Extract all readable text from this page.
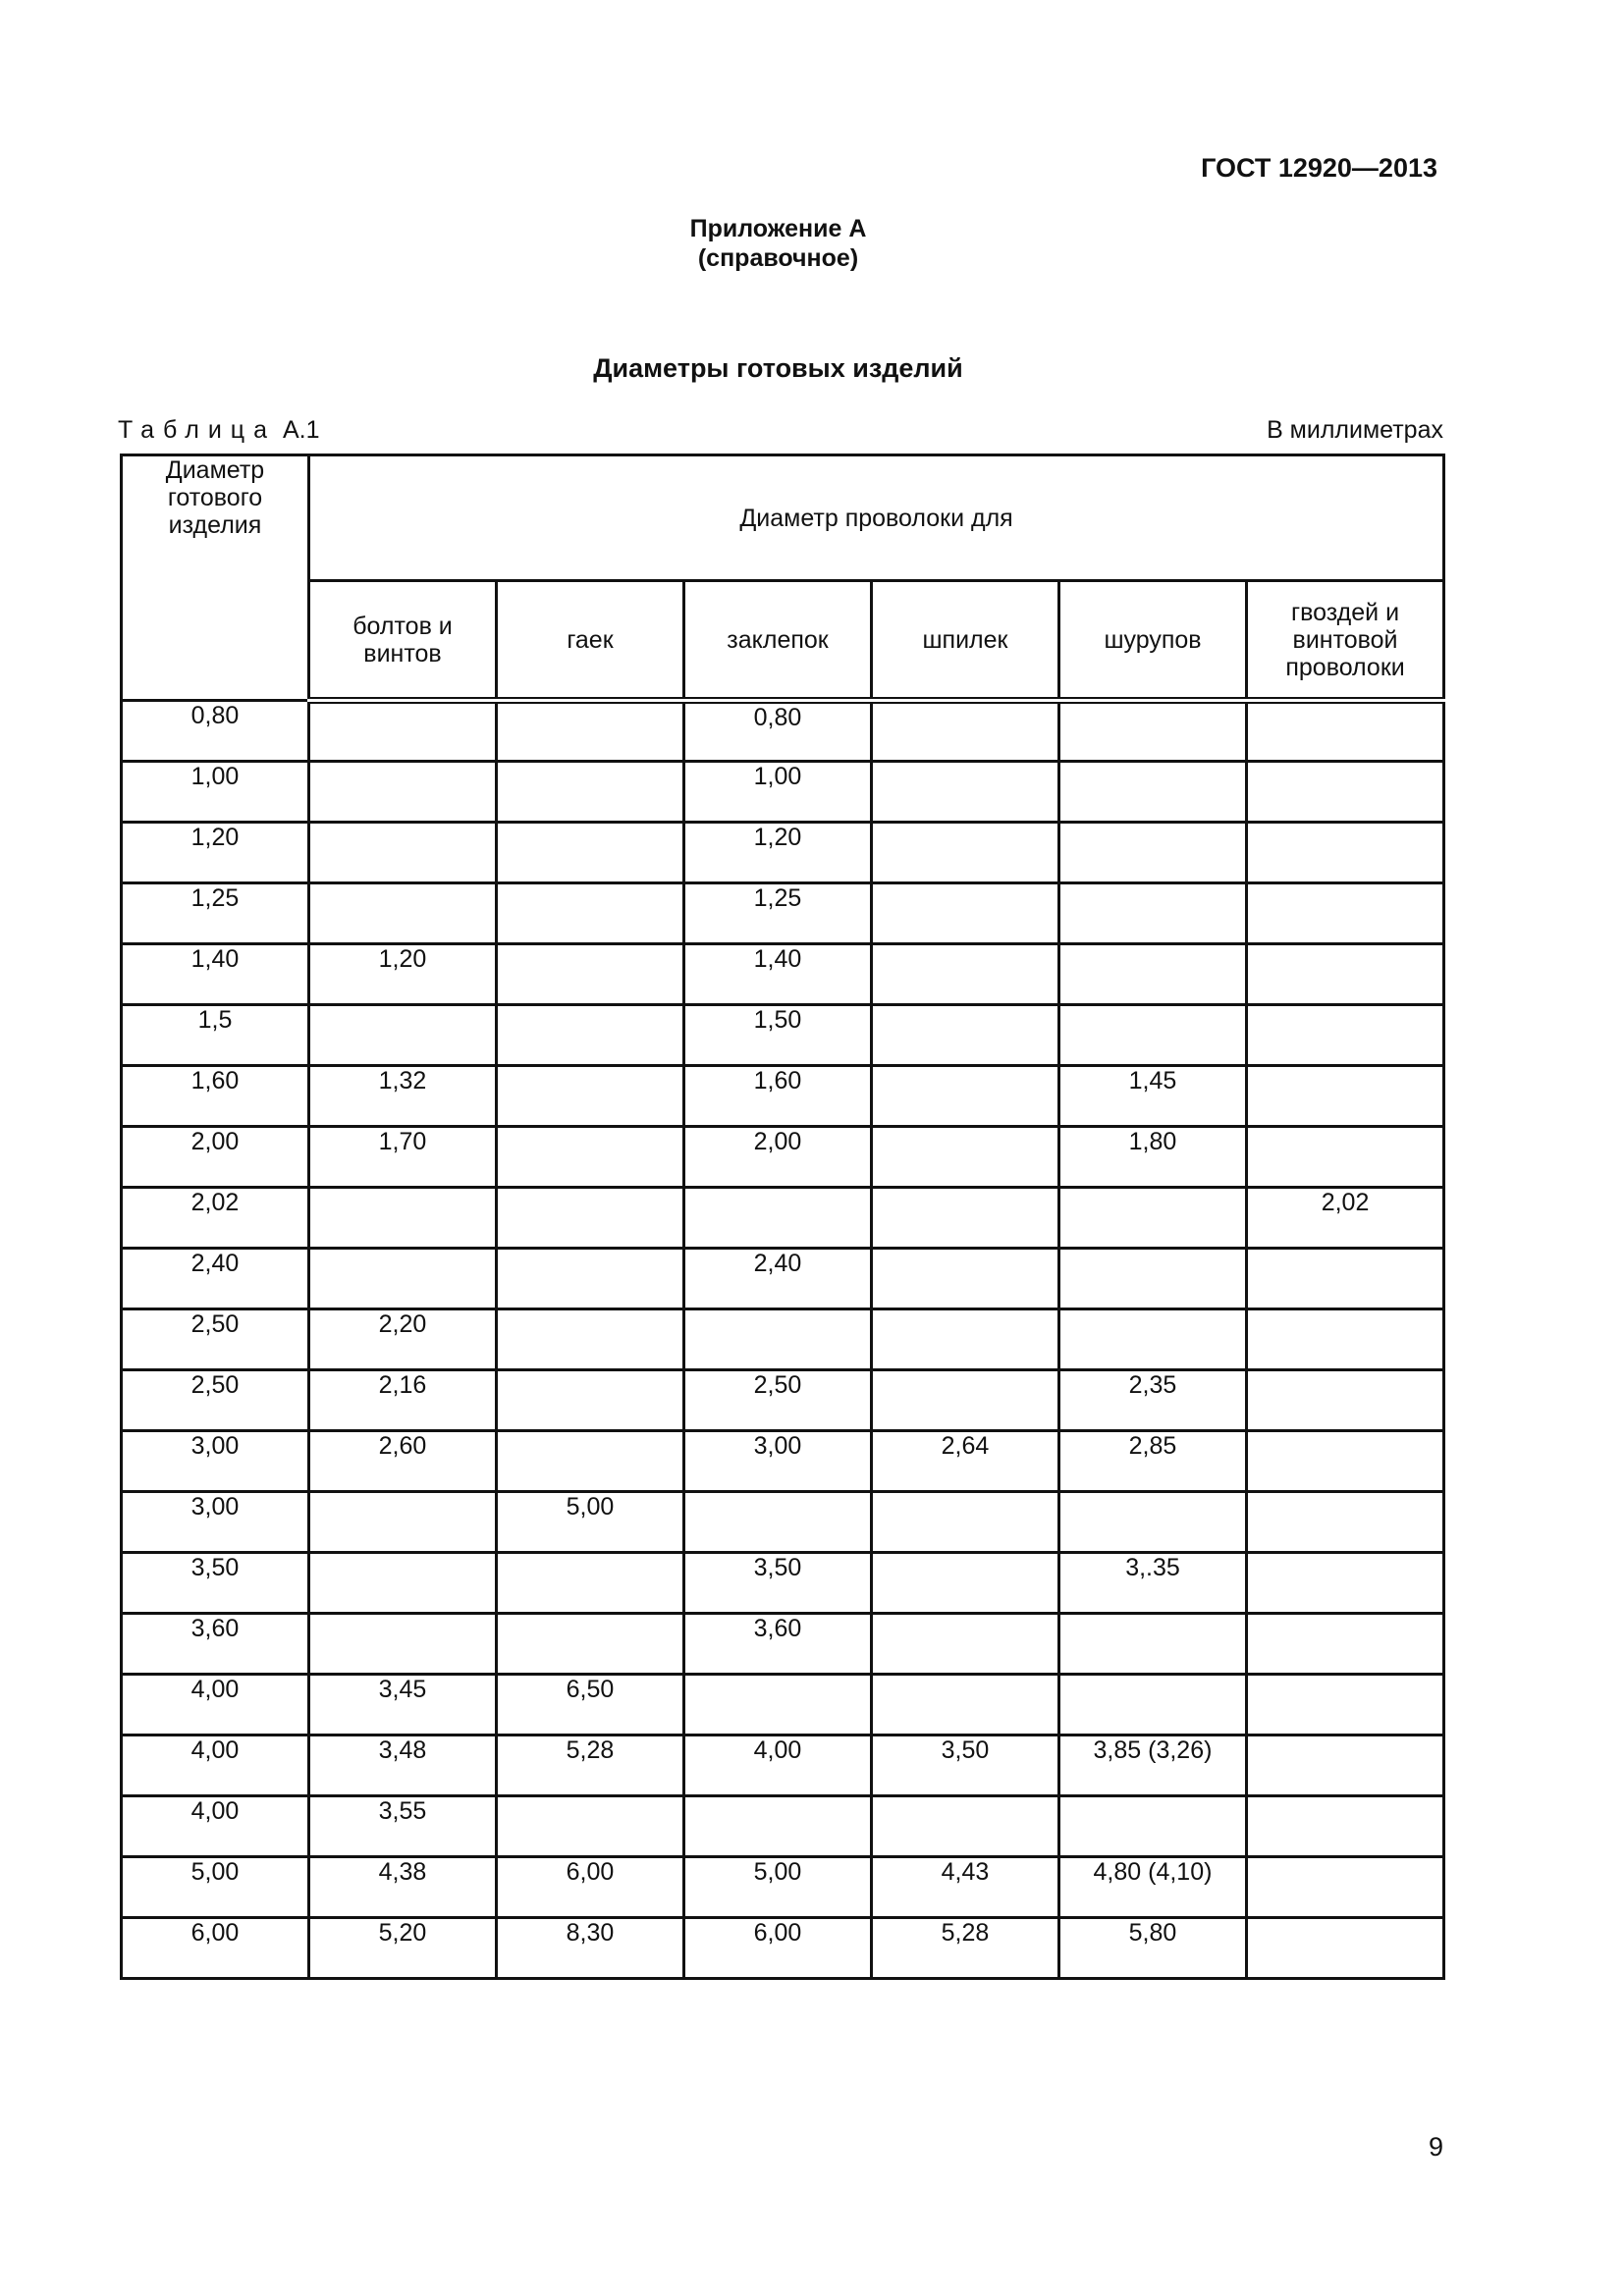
ГОСТ 12920—2013
Приложение А
(справочное)
Диаметры готовых изделий
Таблица А.1	В миллиметрах
Диаметр готового изделия	Диаметр проволоки для					

	болтов и винтов	гаек	заклепок	шпилек	шурупов	гвоздей и винтовой проволоки

0,80			0,80			
1,00			1,00			
1,20			1,20			
1,25			1,25			
1,40	1,20		1,40			
1,5			1,50			
1,60	1,32		1,60		1,45	
2,00	1,70		2,00		1,80	
2,02						2,02
2,40			2,40			
2,50	2,20					
2,50	2,16		2,50		2,35	
3,00	2,60		3,00	2,64	2,85	
3,00		5,00				
3,50			3,50		3,.35	
3,60			3,60			
4,00	3,45	6,50				
4,00	3,48	5,28	4,00	3,50	3,85 (3,26)	
4,00	3,55					
5,00	4,38	6,00	5,00	4,43	4,80 (4,10)	
6,00	5,20	8,30	6,00	5,28	5,80	
9
